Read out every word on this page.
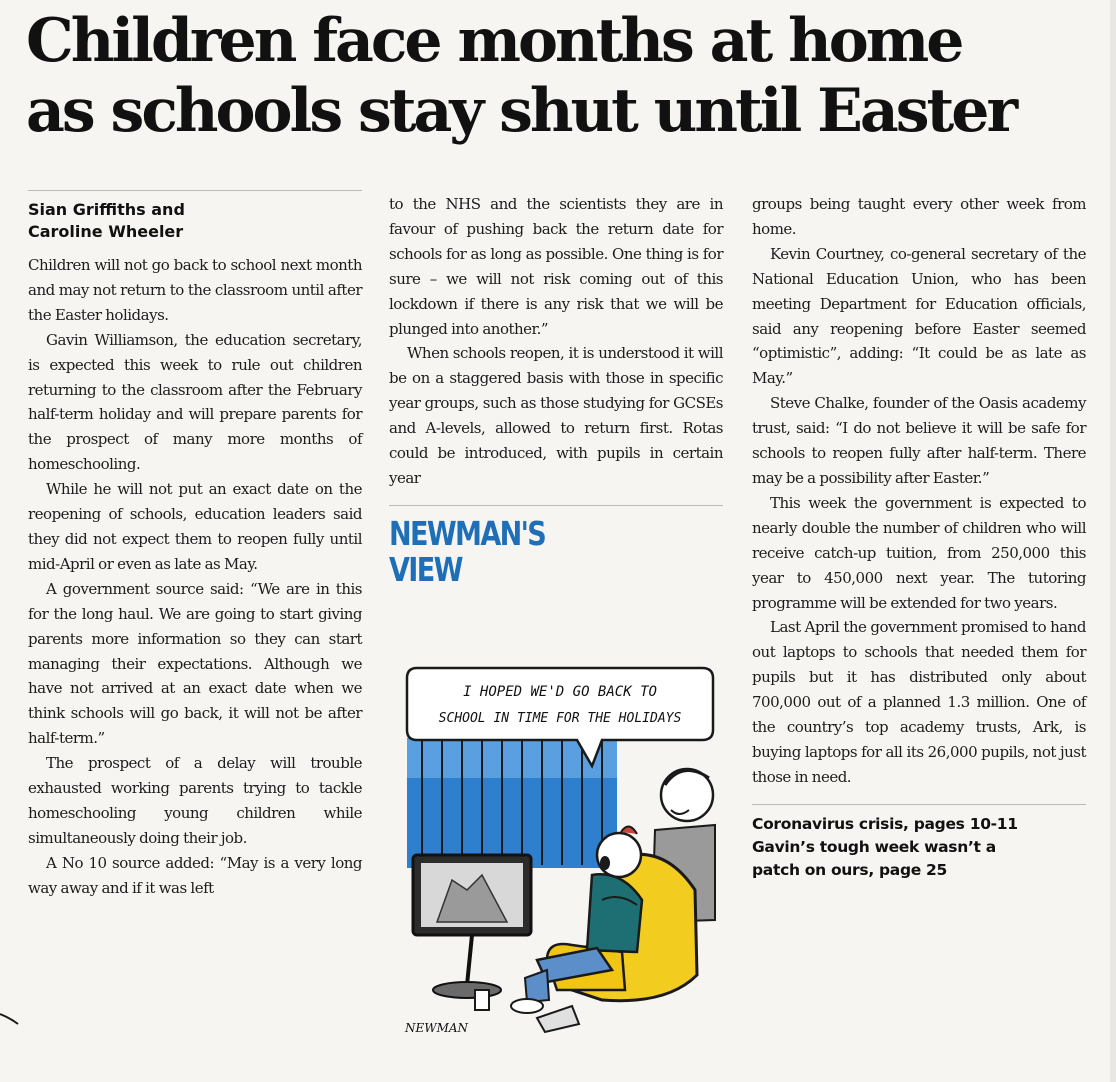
Children face months at home
as schools stay shut until Easter
Sian Griffiths and
Caroline Wheeler

Children will not go back to school next month and may not return to the classroom until after the Easter holidays.

Gavin Williamson, the education secretary, is expected this week to rule out children returning to the classroom after the February half-term holiday and will prepare parents for the prospect of many more months of homeschooling.

While he will not put an exact date on the reopening of schools, education leaders said they did not expect them to reopen fully until mid-April or even as late as May.

A government source said: “We are in this for the long haul. We are going to start giving parents more information so they can start managing their expectations. Although we have not arrived at an exact date when we think schools will go back, it will not be after half-term.”

The prospect of a delay will trouble exhausted working parents trying to tackle homeschooling young children while simultaneously doing their job.

A No 10 source added: “May is a very long way away and if it was left

to the NHS and the scientists they are in favour of pushing back the return date for schools for as long as possible. One thing is for sure – we will not risk coming out of this lockdown if there is any risk that we will be plunged into another.”

When schools reopen, it is understood it will be on a staggered basis with those in specific year groups, such as those studying for GCSEs and A-levels, allowed to return first. Rotas could be introduced, with pupils in certain year

NEWMAN'S
VIEW
I HOPED WE'D GO BACK TO
SCHOOL IN TIME FOR THE HOLIDAYS
NEWMAN

groups being taught every other week from home.

Kevin Courtney, co-general secretary of the National Education Union, who has been meeting Department for Education officials, said any reopening before Easter seemed “optimistic”, adding: “It could be as late as May.”

Steve Chalke, founder of the Oasis academy trust, said: “I do not believe it will be safe for schools to reopen fully after half-term. There may be a possibility after Easter.”

This week the government is expected to nearly double the number of children who will receive catch-up tuition, from 250,000 this year to 450,000 next year. The tutoring programme will be extended for two years.

Last April the government promised to hand out laptops to schools that needed them for pupils but it has distributed only about 700,000 out of a planned 1.3 million. One of the country’s top academy trusts, Ark, is buying laptops for all its 26,000 pupils, not just those in need.

Coronavirus crisis, pages 10-11
Gavin’s tough week wasn’t a
patch on ours, page 25
